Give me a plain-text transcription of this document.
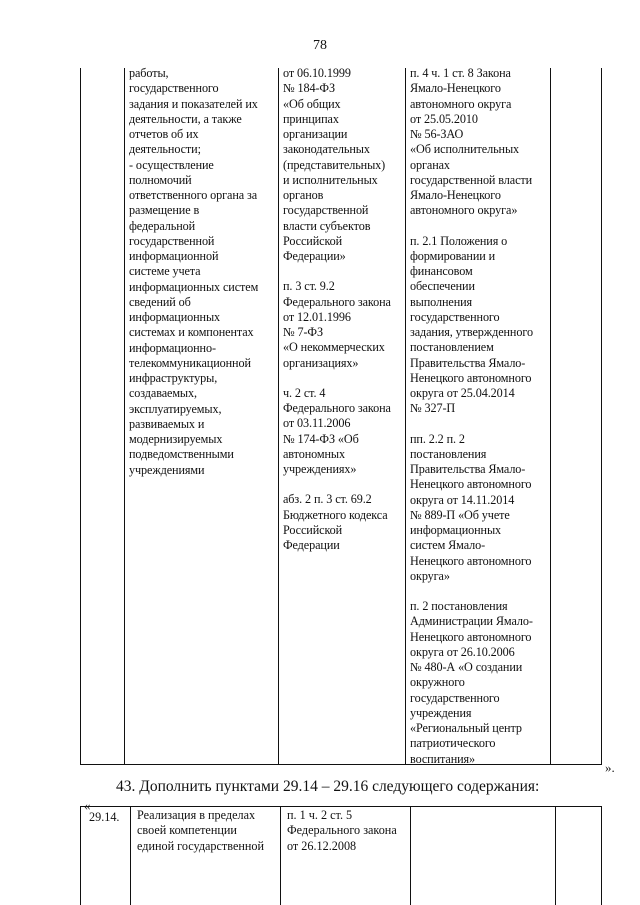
78
работы,
государственного
задания и показателей их
деятельности, а также
отчетов об их
деятельности;
- осуществление
полномочий
ответственного органа за
размещение в
федеральной
государственной
информационной
системе учета
информационных систем
сведений об
информационных
системах и компонентах
информационно-
телекоммуникационной
инфраструктуры,
создаваемых,
эксплуатируемых,
развиваемых и
модернизируемых
подведомственными
учреждениями
от 06.10.1999
№ 184-ФЗ
«Об общих
принципах
организации
законодательных
(представительных)
и исполнительных
органов
государственной
власти субъектов
Российской
Федерации»
п. 3 ст. 9.2
Федерального закона
от 12.01.1996
№ 7-ФЗ
«О некоммерческих
организациях»
ч. 2 ст. 4
Федерального закона
от 03.11.2006
№ 174-ФЗ «Об
автономных
учреждениях»
абз. 2 п. 3 ст. 69.2
Бюджетного кодекса
Российской
Федерации
п. 4 ч. 1 ст. 8 Закона
Ямало-Ненецкого
автономного округа
от 25.05.2010
№ 56-ЗАО
«Об исполнительных
органах
государственной власти
Ямало-Ненецкого
автономного округа»
п. 2.1 Положения о
формировании и
финансовом
обеспечении
выполнения
государственного
задания, утвержденного
постановлением
Правительства Ямало-
Ненецкого автономного
округа от 25.04.2014
№ 327-П
пп. 2.2 п. 2
постановления
Правительства Ямало-
Ненецкого автономного
округа от 14.11.2014
№ 889-П «Об учете
информационных
систем Ямало-
Ненецкого автономного
округа»
п. 2 постановления
Администрации Ямало-
Ненецкого автономного
округа от 26.10.2006
№ 480-А «О создании
окружного
государственного
учреждения
«Региональный центр
патриотического
воспитания»
».
43. Дополнить пунктами 29.14 – 29.16 следующего содержания:
29.14. Реализация в пределах
своей компетенции
единой государственной
п. 1 ч. 2 ст. 5
Федерального закона
от 26.12.2008
